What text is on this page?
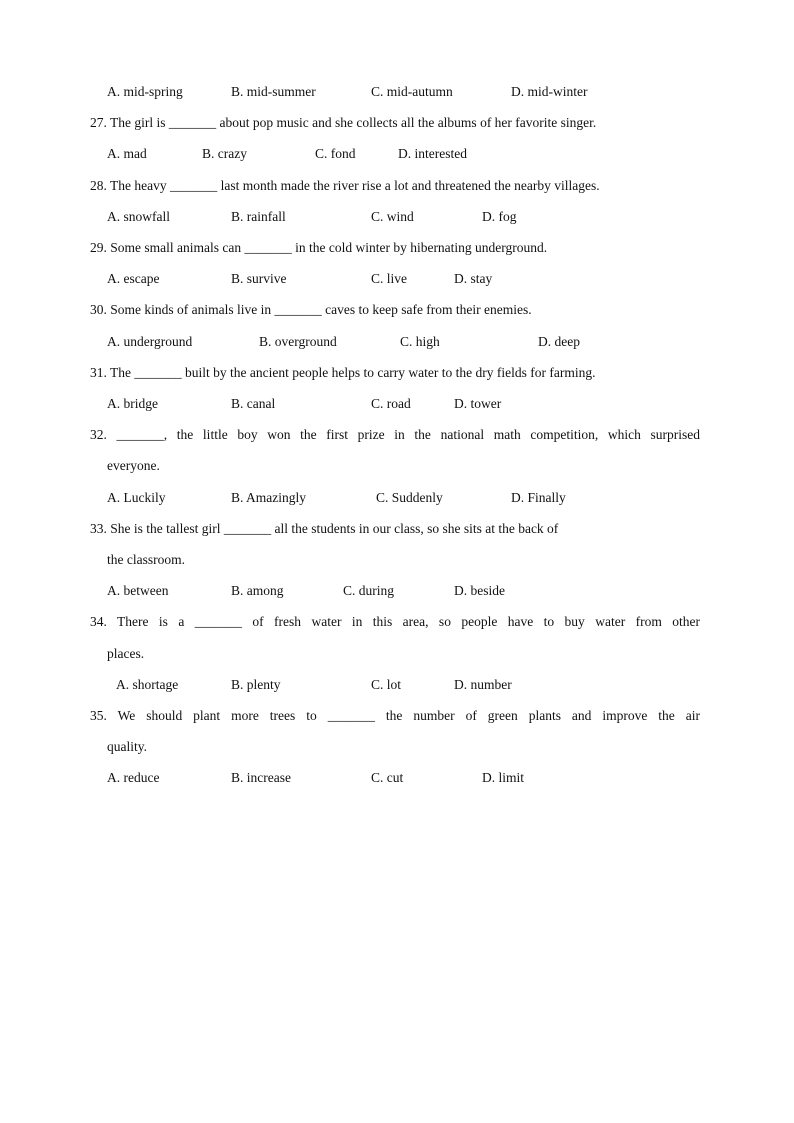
A. mid-spring	B. mid-summer	C. mid-autumn	D. mid-winter
27. The girl is _______ about pop music and she collects all the albums of her favorite singer.
A. mad	B. crazy	C. fond	D. interested
28. The heavy _______ last month made the river rise a lot and threatened the nearby villages.
A. snowfall	B. rainfall	C. wind	D. fog
29. Some small animals can _______ in the cold winter by hibernating underground.
A. escape	B. survive	C. live	D. stay
30. Some kinds of animals live in _______ caves to keep safe from their enemies.
A. underground	B. overground	C. high	D. deep
31. The _______ built by the ancient people helps to carry water to the dry fields for farming.
A. bridge	B. canal	C. road	D. tower
32. _______, the little boy won the first prize in the national math competition, which surprised
everyone.
A. Luckily	B. Amazingly	C. Suddenly	D. Finally
33. She is the tallest girl _______ all the students in our class, so she sits at the back of
the classroom.
A. between	B. among	C. during	D. beside
34. There is a _______ of fresh water in this area, so people have to buy water from other
places.
A. shortage	B. plenty	C. lot	D. number
35. We should plant more trees to _______ the number of green plants and improve the air
quality.
A. reduce	B. increase	C. cut	D. limit
